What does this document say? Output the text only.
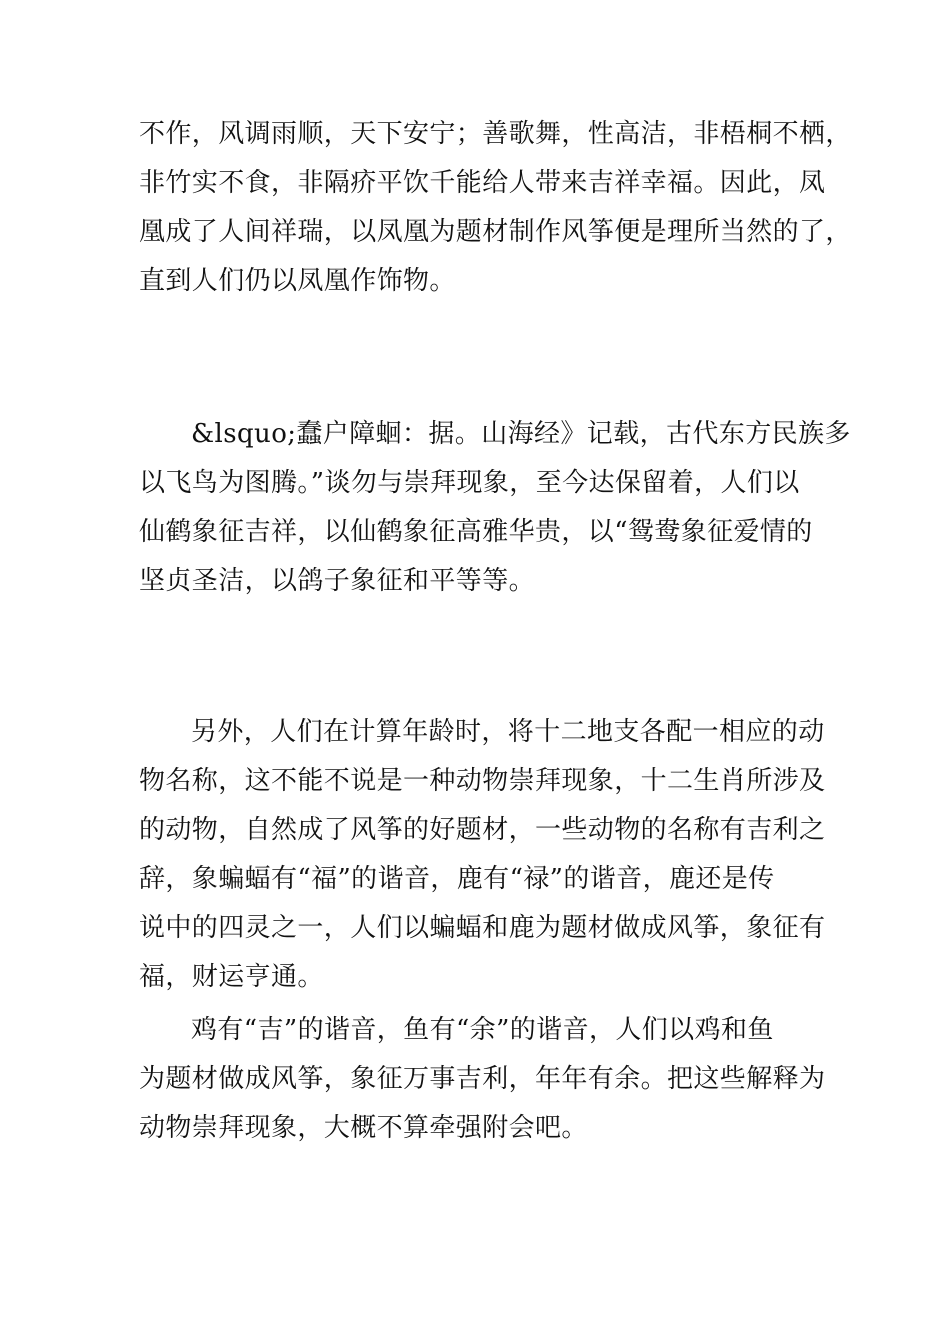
不作，风调雨顺，天下安宁；善歌舞，性高洁，非梧桐不栖，
非竹实不食，非隔疥平饮千能给人带来吉祥幸福。因此，凤
凰成了人间祥瑞，以凤凰为题材制作风筝便是理所当然的了，
直到人们仍以凤凰作饰物。
&lsquo;蠢户障蛔：据。山海经》记载，古代东方民族多
以飞鸟为图腾。”谈勿与崇拜现象，至今达保留着，人们以
仙鹤象征吉祥，以仙鹤象征高雅华贵，以“鸳鸯象征爱情的
坚贞圣洁，以鸽子象征和平等等。
另外，人们在计算年龄时，将十二地支各配一相应的动
物名称，这不能不说是一种动物崇拜现象，十二生肖所涉及
的动物，自然成了风筝的好题材，一些动物的名称有吉利之
辞，象蝙蝠有“福”的谐音，鹿有“禄”的谐音，鹿还是传
说中的四灵之一，人们以蝙蝠和鹿为题材做成风筝，象征有
福，财运亨通。
鸡有“吉”的谐音，鱼有“余”的谐音，人们以鸡和鱼
为题材做成风筝，象征万事吉利，年年有余。把这些解释为
动物崇拜现象，大概不算牵强附会吧。
